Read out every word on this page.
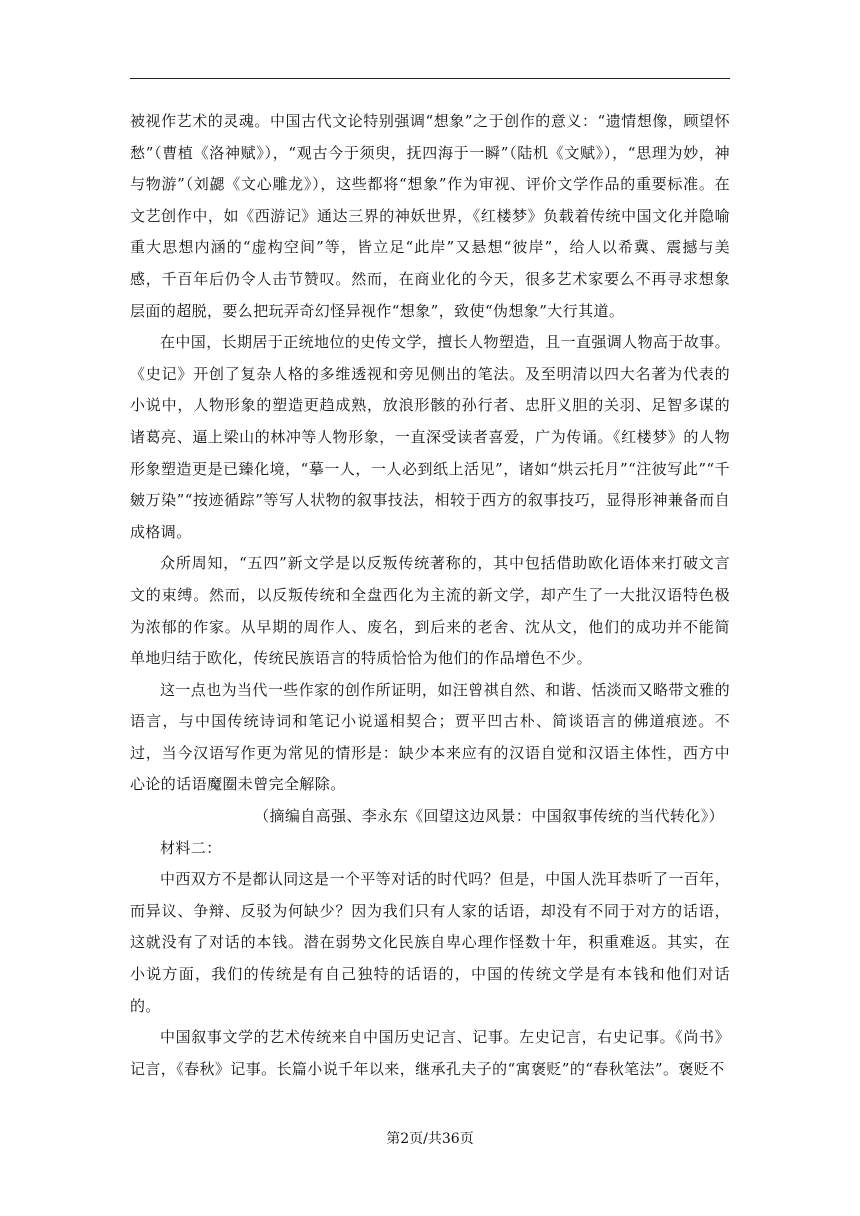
被视作艺术的灵魂。中国古代文论特别强调“想象”之于创作的意义：“遗情想像，顾望怀愁”（曹植《洛神赋》），“观古今于须臾，抚四海于一瞬”（陆机《文赋》），“思理为妙，神与物游”（刘勰《文心雕龙》），这些都将“想象”作为审视、评价文学作品的重要标准。在文艺创作中，如《西游记》通达三界的神妖世界，《红楼梦》负载着传统中国文化并隐喻重大思想内涵的“虚构空间”等，皆立足“此岸”又悬想“彼岸”，给人以希冀、震撼与美感，千百年后仍令人击节赞叹。然而，在商业化的今天，很多艺术家要么不再寻求想象层面的超脱，要么把玩弄奇幻怪异视作“想象”，致使“伪想象”大行其道。

在中国，长期居于正统地位的史传文学，擅长人物塑造，且一直强调人物高于故事。《史记》开创了复杂人格的多维透视和旁见侧出的笔法。及至明清以四大名著为代表的小说中，人物形象的塑造更趋成熟，放浪形骸的孙行者、忠肝义胆的关羽、足智多谋的诸葛亮、逼上梁山的林冲等人物形象，一直深受读者喜爱，广为传诵。《红楼梦》的人物形象塑造更是已臻化境，“摹一人，一人必到纸上活见”，诸如“烘云托月”“注彼写此”“千皴万染”“按迹循踪”等写人状物的叙事技法，相较于西方的叙事技巧，显得形神兼备而自成格调。

众所周知，“五四”新文学是以反叛传统著称的，其中包括借助欧化语体来打破文言文的束缚。然而，以反叛传统和全盘西化为主流的新文学，却产生了一大批汉语特色极为浓郁的作家。从早期的周作人、废名，到后来的老舍、沈从文，他们的成功并不能简单地归结于欧化，传统民族语言的特质恰恰为他们的作品增色不少。

这一点也为当代一些作家的创作所证明，如汪曾祺自然、和谐、恬淡而又略带文雅的语言，与中国传统诗词和笔记小说遥相契合；贾平凹古朴、简谈语言的佛道痕迹。不过，当今汉语写作更为常见的情形是：缺少本来应有的汉语自觉和汉语主体性，西方中心论的话语魔圈未曾完全解除。

（摘编自高强、李永东《回望这边风景：中国叙事传统的当代转化》）

材料二：

中西双方不是都认同这是一个平等对话的时代吗？但是，中国人洗耳恭听了一百年，而异议、争辩、反驳为何缺少？因为我们只有人家的话语，却没有不同于对方的话语，这就没有了对话的本钱。潜在弱势文化民族自卑心理作怪数十年，积重难返。其实，在小说方面，我们的传统是有自己独特的话语的，中国的传统文学是有本钱和他们对话的。

中国叙事文学的艺术传统来自中国历史记言、记事。左史记言，右史记事。《尚书》记言，《春秋》记事。长篇小说千年以来，继承孔夫子的“寓褒贬”的“春秋笔法”。褒贬不

第2页/共36页
